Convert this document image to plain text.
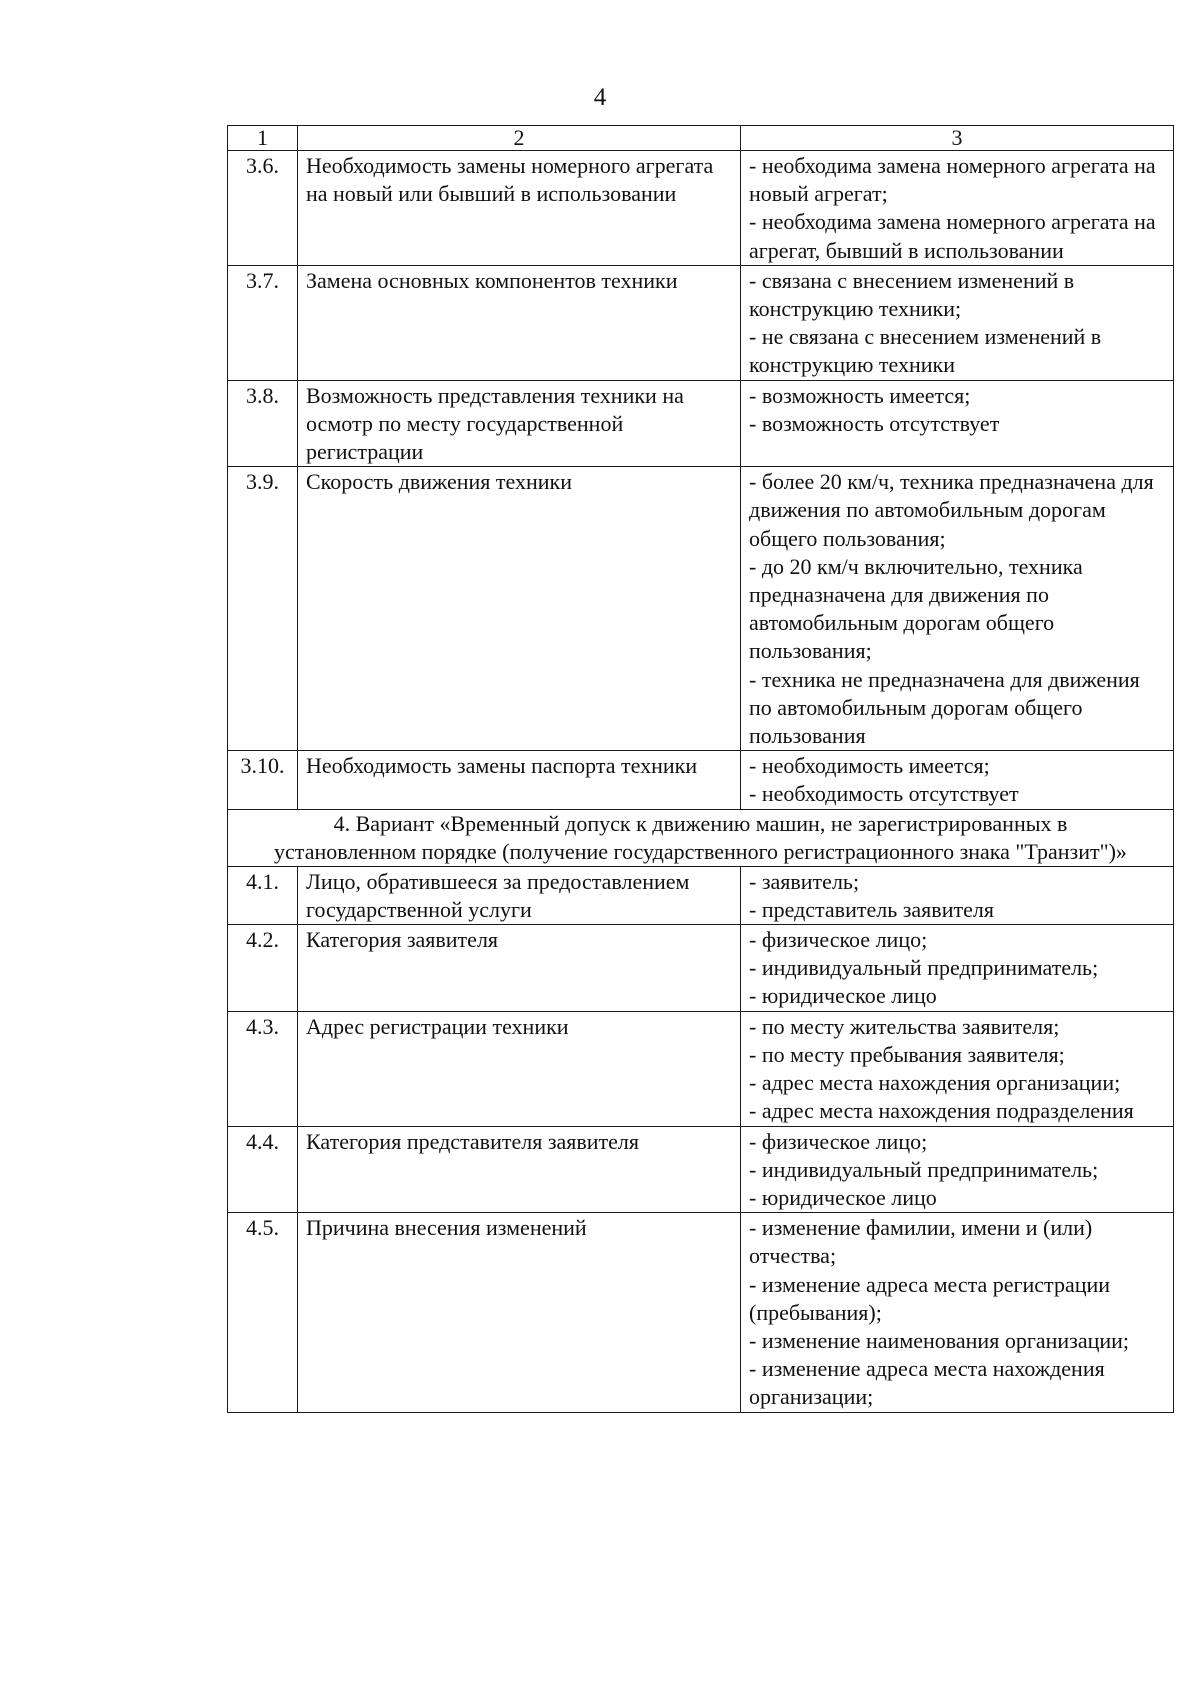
4
1	2	3
3.6.	Необходимость замены номерного агрегата на новый или бывший в использовании	- необходима замена номерного агрегата на новый агрегат;
- необходима замена номерного агрегата на агрегат, бывший в использовании

3.7.	Замена основных компонентов техники	- связана с внесением изменений в конструкцию техники;
- не связана с внесением изменений в конструкцию техники

3.8.	Возможность представления техники на осмотр по месту государственной регистрации	- возможность имеется;
- возможность отсутствует

3.9.	Скорость движения техники	- более 20 км/ч, техника предназначена для движения по автомобильным дорогам общего пользования;
- до 20 км/ч включительно, техника предназначена для движения по автомобильным дорогам общего пользования;
- техника не предназначена для движения по автомобильным дорогам общего пользования

3.10.	Необходимость замены паспорта техники	- необходимость имеется;
- необходимость отсутствует

4. Вариант «Временный допуск к движению машин, не зарегистрированных в установленном порядке (получение государственного регистрационного знака "Транзит")»		
4.1.	Лицо, обратившееся за предоставлением государственной услуги	- заявитель;
- представитель заявителя

4.2.	Категория заявителя	- физическое лицо;
- индивидуальный предприниматель;
- юридическое лицо

4.3.	Адрес регистрации техники	- по месту жительства заявителя;
- по месту пребывания заявителя;
- адрес места нахождения организации;
- адрес места нахождения подразделения

4.4.	Категория представителя заявителя	- физическое лицо;
- индивидуальный предприниматель;
- юридическое лицо

4.5.	Причина внесения изменений	- изменение фамилии, имени и (или) отчества;
- изменение адреса места регистрации (пребывания);
- изменение наименования организации;
- изменение адреса места нахождения организации;
